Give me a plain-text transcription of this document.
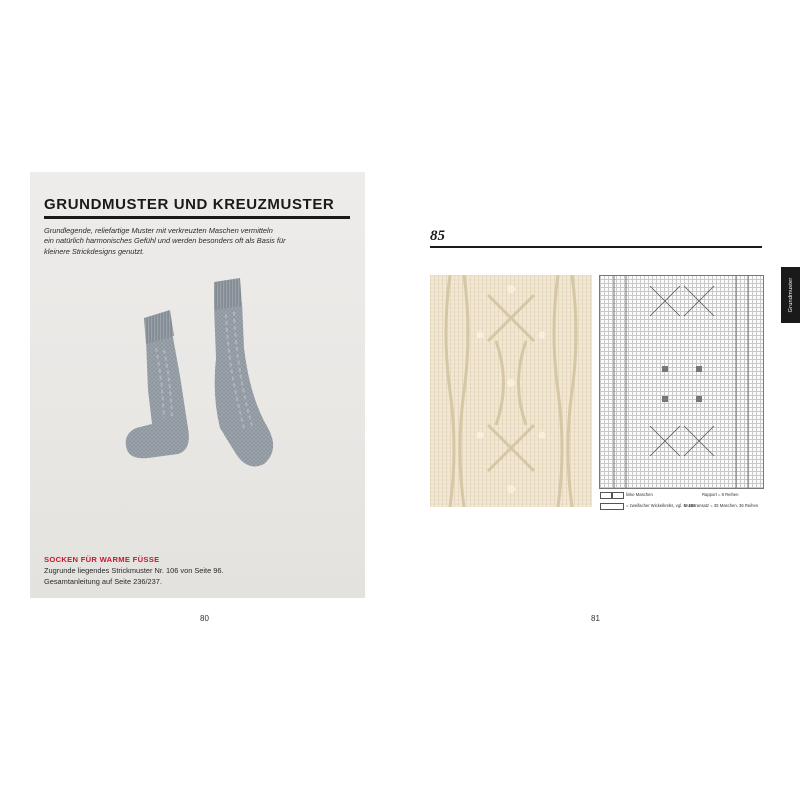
GRUNDMUSTER UND KREUZMUSTER

Grundlegende, reliefartige Muster mit verkreuzten Maschen vermitteln
ein natürlich harmonisches Gefühl und werden besonders oft als Basis für
kleinere Strickdesigns genutzt.

SOCKEN FÜR WARME FÜSSE

Zugrunde liegendes Strickmuster Nr. 106 von Seite 96.

Gesamtanleitung auf Seite 236/237.

80

85

linke Maschen

= zweifacher Wickelkrebs, vgl. S. 152

Rapport = 8 Reihen

Musteransatz = 35 Maschen, 36 Reihen

Grundmuster

81
